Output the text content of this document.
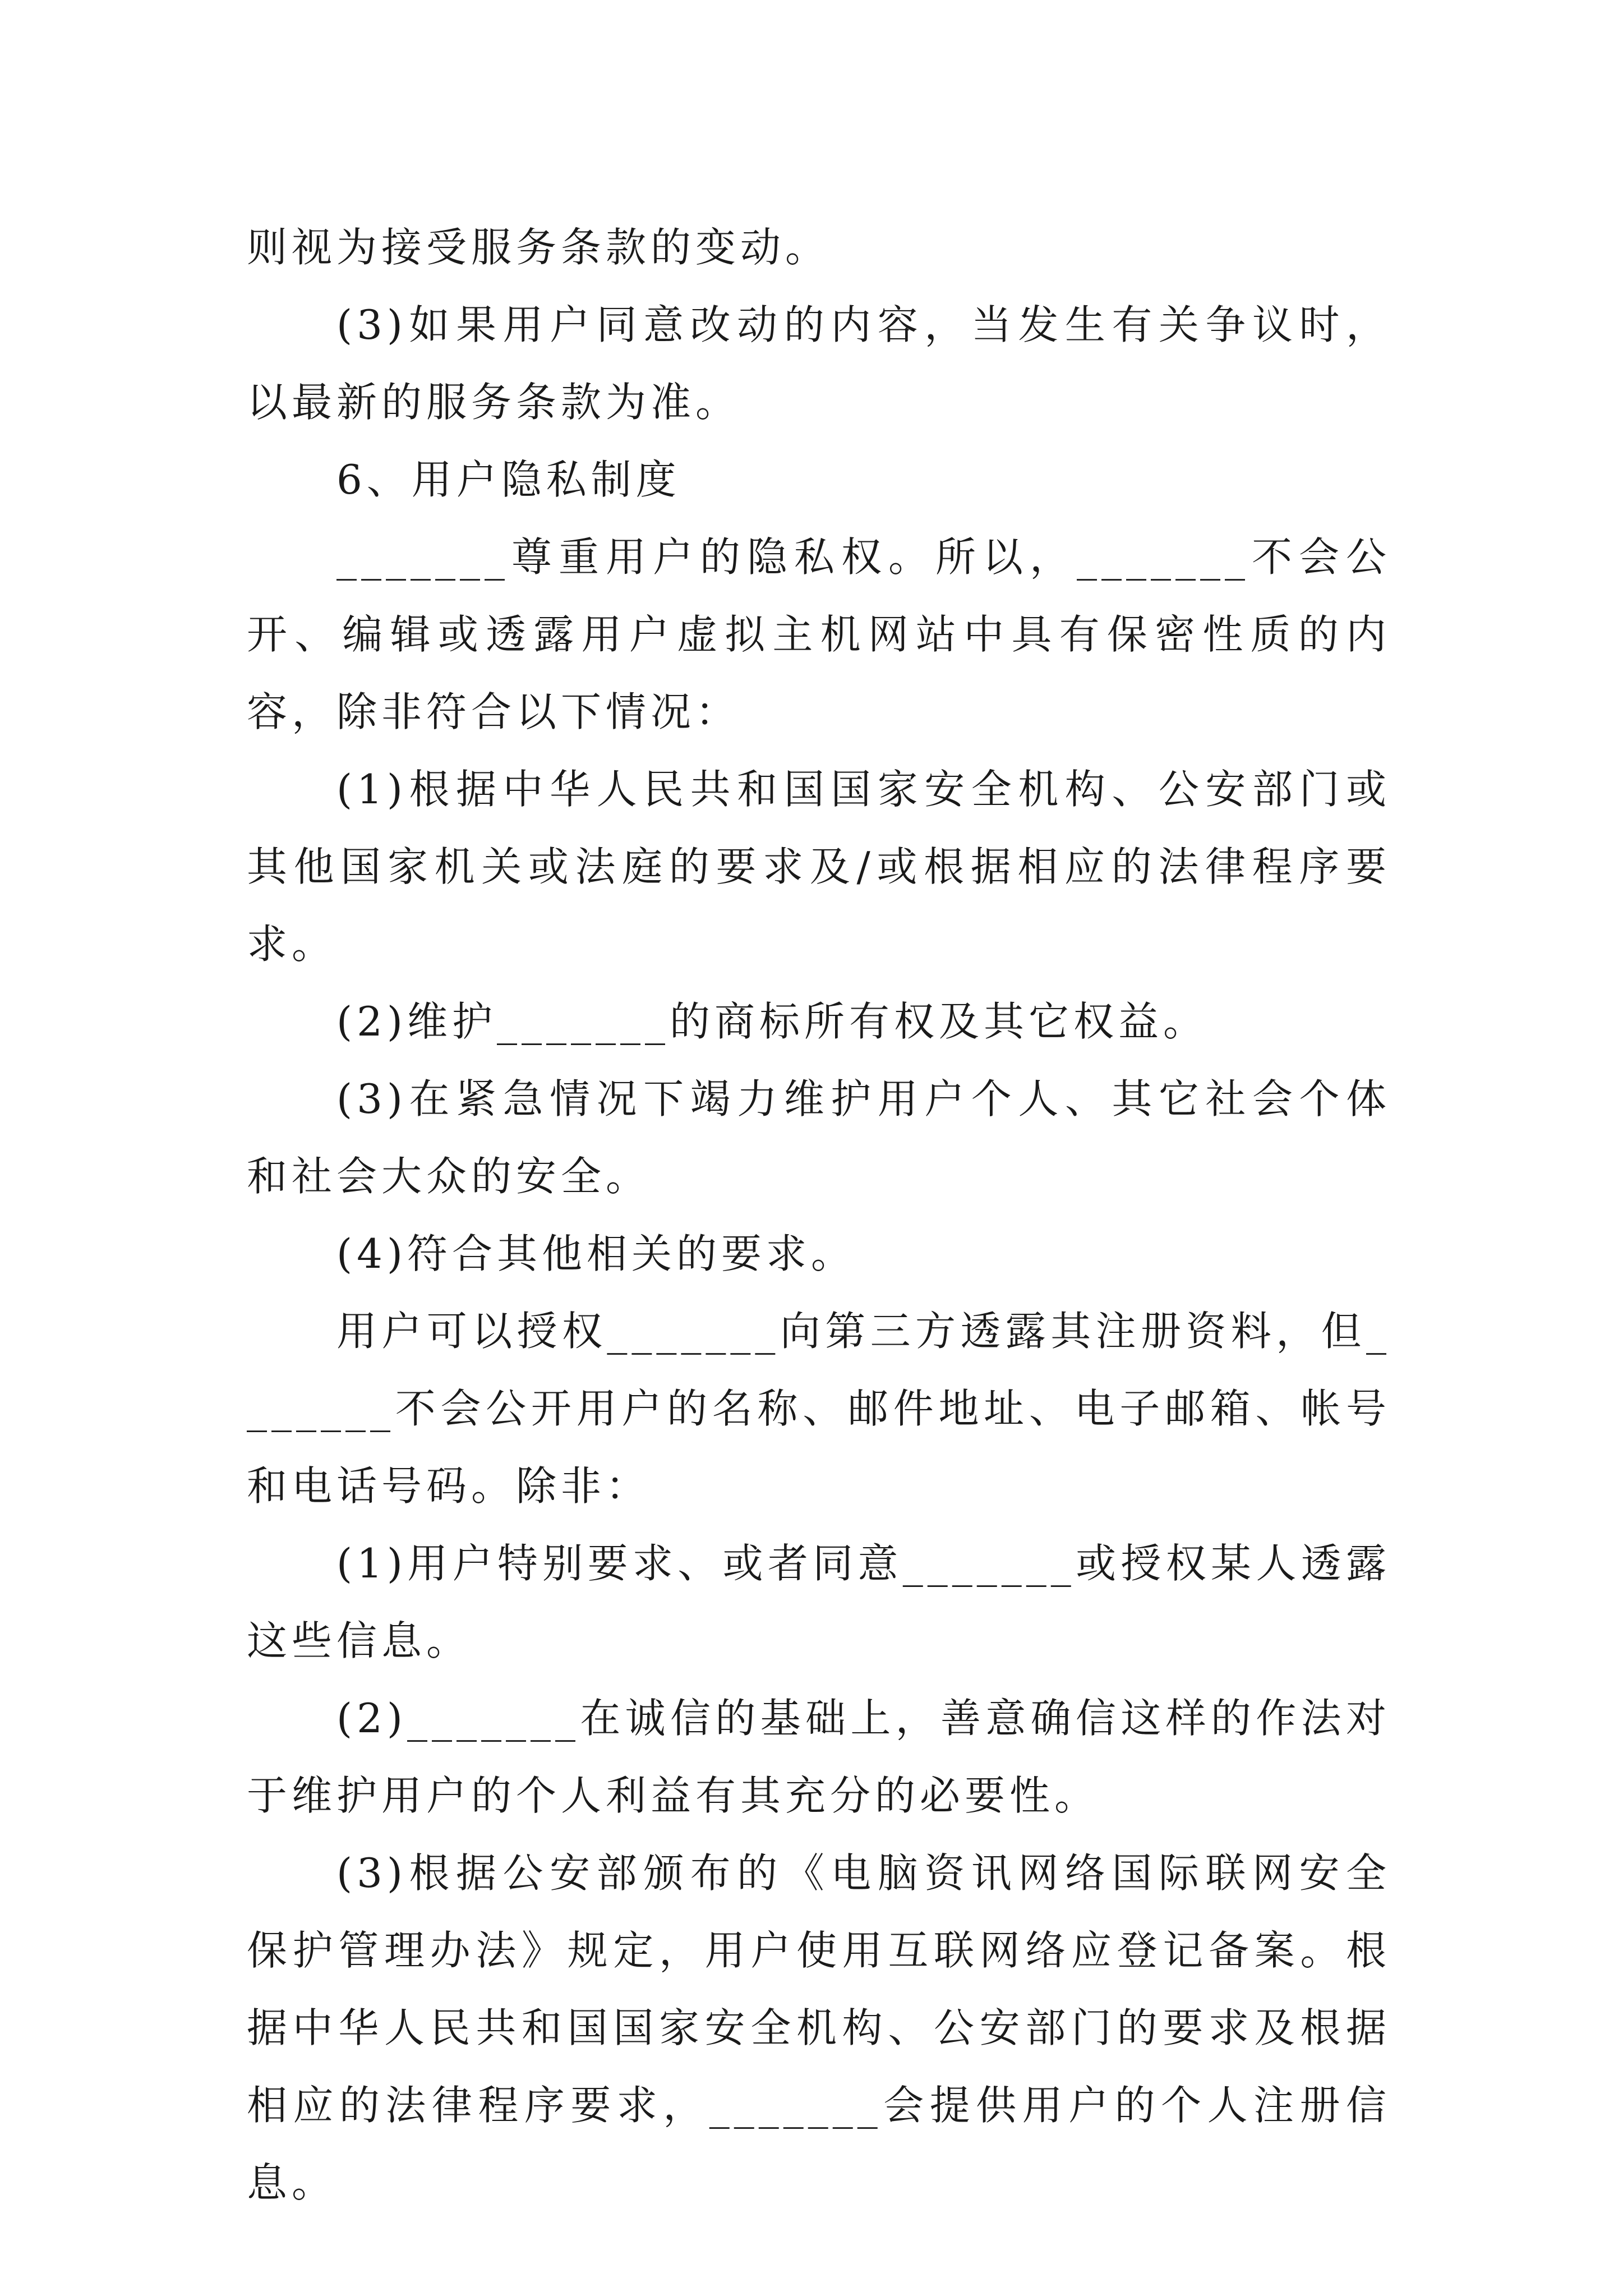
则视为接受服务条款的变动。

(3)如果用户同意改动的内容，当发生有关争议时，以最新的服务条款为准。

6、用户隐私制度

_______尊重用户的隐私权。所以，_______不会公开、编辑或透露用户虚拟主机网站中具有保密性质的内容，除非符合以下情况：

(1)根据中华人民共和国国家安全机构、公安部门或其他国家机关或法庭的要求及/或根据相应的法律程序要求。

(2)维护_______的商标所有权及其它权益。

(3)在紧急情况下竭力维护用户个人、其它社会个体和社会大众的安全。

(4)符合其他相关的要求。

用户可以授权_______向第三方透露其注册资料，但_______不会公开用户的名称、邮件地址、电子邮箱、帐号和电话号码。除非：

(1)用户特别要求、或者同意_______或授权某人透露这些信息。

(2)_______在诚信的基础上，善意确信这样的作法对于维护用户的个人利益有其充分的必要性。

(3)根据公安部颁布的《电脑资讯网络国际联网安全保护管理办法》规定，用户使用互联网络应登记备案。根据中华人民共和国国家安全机构、公安部门的要求及根据相应的法律程序要求，_______会提供用户的个人注册信息。
